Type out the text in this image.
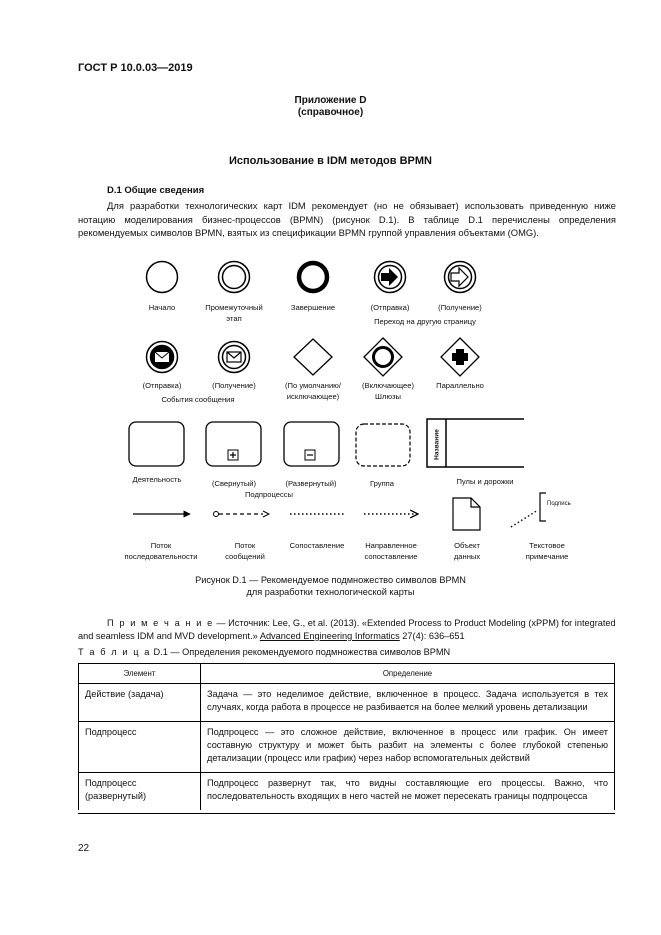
ГОСТ Р 10.0.03—2019
Приложение D
(справочное)
Использование в IDM методов BPMN
D.1 Общие сведения
Для разработки технологических карт IDM рекомендует (но не обязывает) использовать приведенную ниже нотацию моделирования бизнес-процессов (BPMN) (рисунок D.1). В таблице D.1 перечислены определения рекомендуемых символов BPMN, взятых из спецификации BPMN группой управления объектами (OMG).
Начало	Промежуточный
этап
Завершение	(Отправка)	(Получение)
Переход на другую страницу
(Отправка)	(Получение)
События сообщения
(По умолчанию/
исключающее)
(Включающее)
Шлюзы
Параллельно
Деятельность	(Свернутый)	(Развернутый)
Подпроцессы
Группа
Название
Пулы и дорожки
Поток
последовательности
Поток
сообщений
Сопоставление	Направленное
сопоставление
Объект
данных
Текстовое
примечание
Подпись
Рисунок D.1 — Рекомендуемое подмножество символов BPMN
для разработки технологической карты
П р и м е ч а н и е — Источник: Lee, G., et al. (2013). «Extended Process to Product Modeling (xPPM) for integrated and seamless IDM and MVD development.» Advanced Engineering Informatics 27(4): 636–651
Т а б л и ц а D.1 — Определения рекомендуемого подмножества символов BPMN
Элемент	Определение
Действие (задача)	Задача — это неделимое действие, включенное в процесс. Задача используется в тех случаях, когда работа в процессе не разбивается на более мелкий уровень детализации
Подпроцесс	Подпроцесс — это сложное действие, включенное в процесс или график. Он имеет составную структуру и может быть разбит на элементы с более глубокой степенью детализации (процесс или график) через набор вспомогательных действий
Подпроцесс (развернутый)	Подпроцесс развернут так, что видны составляющие его процессы. Важно, что последовательность входящих в него частей не может пересекать границы подпроцесса
22
